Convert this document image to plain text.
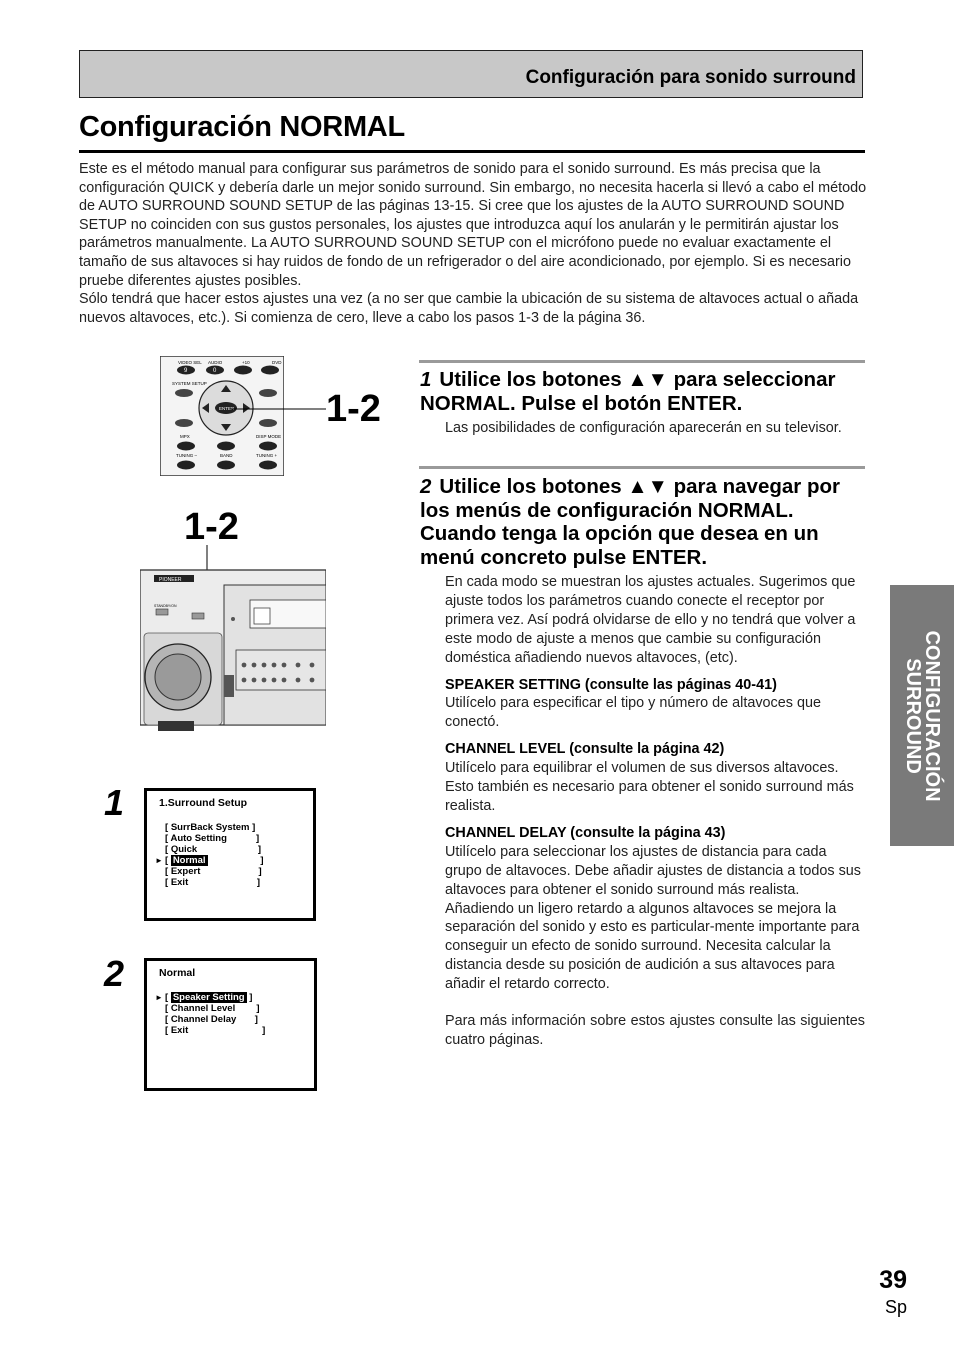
Configuración para sonido surround
Configuración NORMAL

Este es el método manual para configurar sus parámetros de sonido para el sonido surround. Es más precisa que la configuración QUICK y debería darle un mejor sonido surround. Sin embargo, no necesita hacerla si llevó a cabo el método de AUTO SURROUND SOUND SETUP de las páginas 13-15. Si cree que los ajustes de la AUTO SURROUND SOUND SETUP no coinciden con sus gustos personales, los ajustes que introduzca aquí los anularán y le permitirán ajustar los parámetros manualmente. La AUTO SURROUND SOUND SETUP con el micrófono puede no evaluar exactamente el tamaño de sus altavoces si hay ruidos de fondo de un refrigerador o del aire acondicionado, por ejemplo. Si es necesario pruebe diferentes ajustes posibles.

Sólo tendrá que hacer estos ajustes una vez (a no ser que cambie la ubicación de su sistema de altavoces actual o añada nuevos altavoces, etc.). Si comienza de cero, lleve a cabo los pasos 1-3 de la página 36.

VIDEO SEL AUDIO	+10	DVD
9	0
SYSTEM SETUP
ENTER
MPX	DISP MODE
TUNING –	BAND	TUNING +
1-2
1-2
PIONEER
STANDBY/ON
1	1.Surround Setup
[ SurrBack System ]
[ Auto Setting           ]
[ Quick                       ]
► [ Normal                    ]
[ Expert                      ]
[ Exit                          ]
2	Normal
► [ Speaker Setting ]
[ Channel Level        ]
[ Channel Delay       ]
[ Exit                            ]
1 Utilice los botones ▲▼ para seleccionar NORMAL. Pulse el botón ENTER.

Las posibilidades de configuración aparecerán en su televisor.

2 Utilice los botones ▲▼ para navegar por los menús de configuración NORMAL. Cuando tenga la opción que desea en un menú concreto pulse ENTER.

En cada modo se muestran los ajustes actuales. Sugerimos que ajuste todos los parámetros cuando conecte el receptor por primera vez. Así podrá olvidarse de ello y no tendrá que volver a este modo de ajuste a menos que cambie su configuración doméstica añadiendo nuevos altavoces, (etc).

SPEAKER SETTING (consulte las páginas 40-41)

Utilícelo para especificar el tipo y número de altavoces que conectó.

CHANNEL LEVEL (consulte la página 42)

Utilícelo para equilibrar el volumen de sus diversos altavoces. Esto también es necesario para obtener el sonido surround más realista.

CHANNEL DELAY (consulte la página 43)

Utilícelo para seleccionar los ajustes de distancia para cada grupo de altavoces. Debe añadir ajustes de distancia a todos sus altavoces para obtener el sonido surround más realista. Añadiendo un ligero retardo a algunos altavoces se mejora la separación del sonido y esto es particular-mente importante para conseguir un efecto de sonido surround. Necesita calcular la distancia desde su posición de audición a sus altavoces para añadir el retardo correcto.

Para más información sobre estos ajustes consulte las siguientes cuatro páginas.

CONFIGURACIÓN
SURROUND
39
Sp
